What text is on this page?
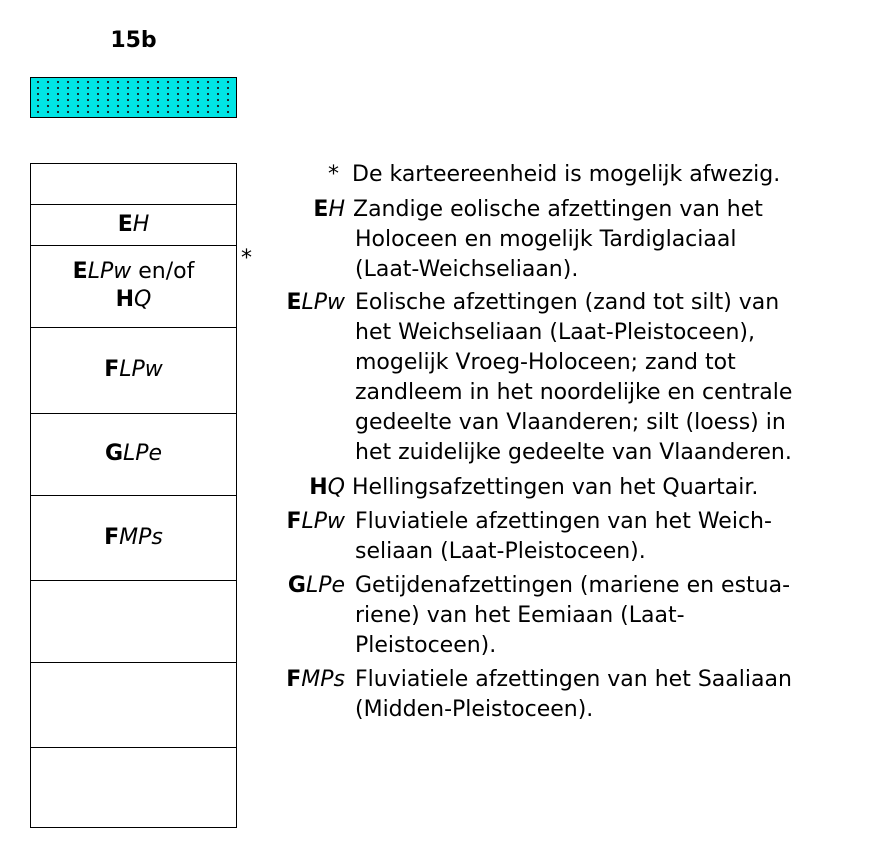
15b
EH
ELPw en/of
HQ
FLPw
GLPe
FMPs
*
* De karteereenheid is mogelijk afwezig.
EH Zandige eolische afzettingen van het
Holoceen en mogelijk Tardiglaciaal
(Laat-Weichseliaan).
ELPw Eolische afzettingen (zand tot silt) van
het Weichseliaan (Laat-Pleistoceen),
mogelijk Vroeg-Holoceen; zand tot
zandleem in het noordelijke en centrale
gedeelte van Vlaanderen; silt (loess) in
het zuidelijke gedeelte van Vlaanderen.
HQ Hellingsafzettingen van het Quartair.
FLPw Fluviatiele afzettingen van het Weich-
seliaan (Laat-Pleistoceen).
GLPe Getijdenafzettingen (mariene en estua-
riene) van het Eemiaan (Laat-
Pleistoceen).
FMPs Fluviatiele afzettingen van het Saaliaan
(Midden-Pleistoceen).
